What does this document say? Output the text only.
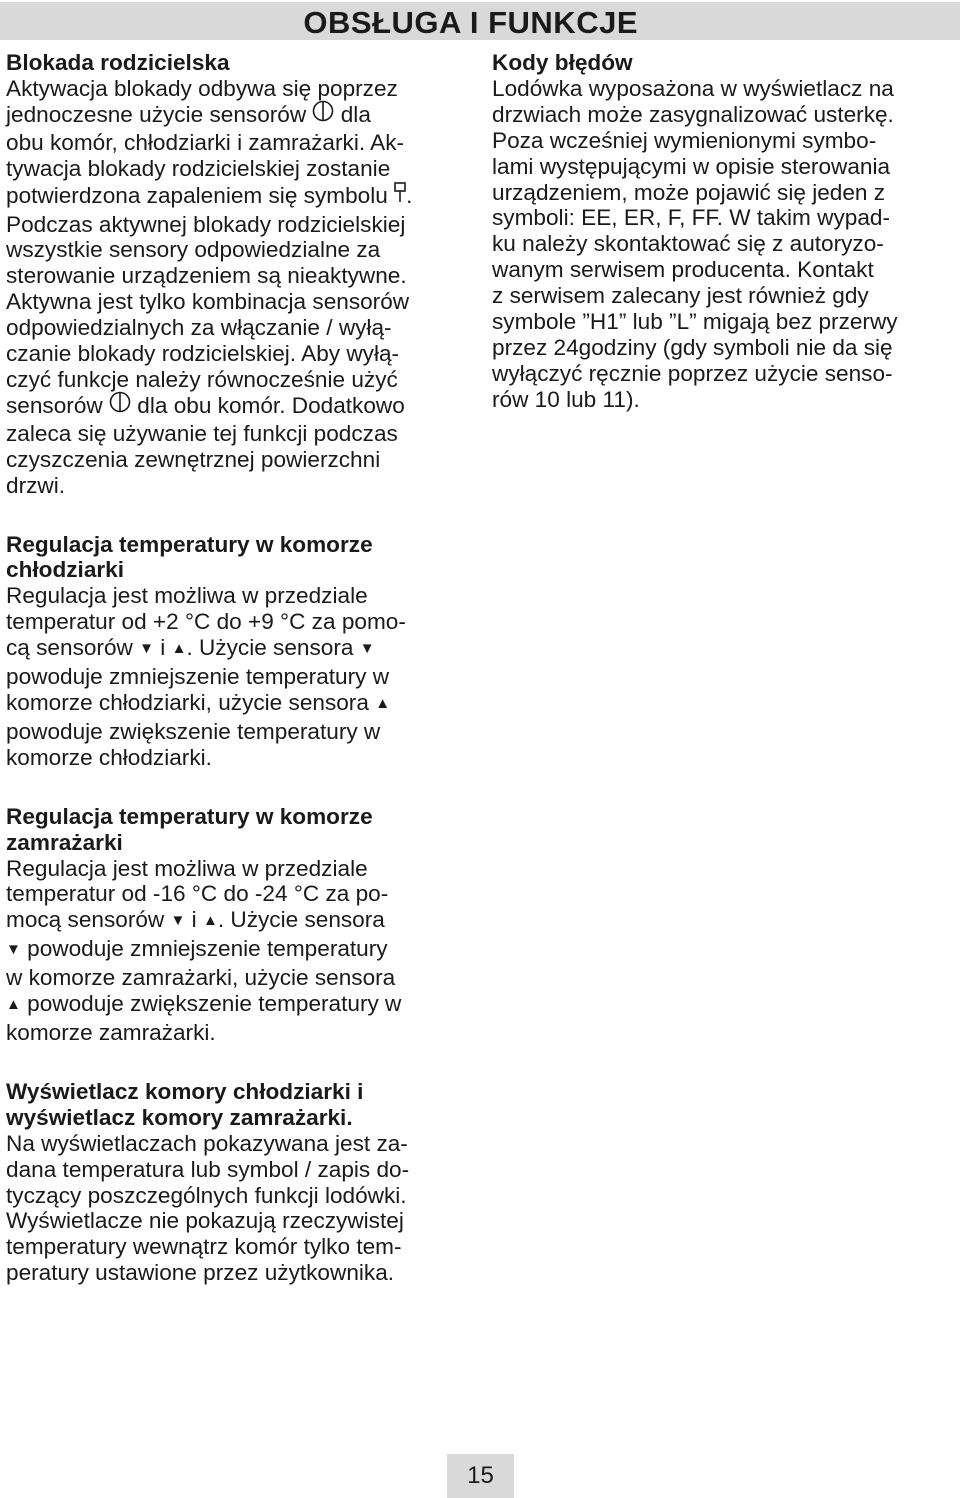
OBSŁUGA I FUNKCJE
Blokada rodzicielska

Aktywacja blokady odbywa się poprzez
jednoczesne użycie sensorów dla
obu komór, chłodziarki i zamrażarki. Ak-
tywacja blokady rodzicielskiej zostanie
potwierdzona zapaleniem się symbolu .
Podczas aktywnej blokady rodzicielskiej
wszystkie sensory odpowiedzialne za
sterowanie urządzeniem są nieaktywne.
Aktywna jest tylko kombinacja sensorów
odpowiedzialnych za włączanie / wyłą-
czanie blokady rodzicielskiej. Aby wyłą-
czyć funkcje należy równocześnie użyć
sensorów dla obu komór. Dodatkowo
zaleca się używanie tej funkcji podczas
czyszczenia zewnętrznej powierzchni
drzwi.

Regulacja temperatury w komorze
chłodziarki

Regulacja jest możliwa w przedziale
temperatur od +2 °C do +9 °C za pomo-
cą sensorów ▼ i ▲. Użycie sensora ▼
powoduje zmniejszenie temperatury w
komorze chłodziarki, użycie sensora ▲
powoduje zwiększenie temperatury w
komorze chłodziarki.

Regulacja temperatury w komorze
zamrażarki

Regulacja jest możliwa w przedziale
temperatur od -16 °C do -24 °C za po-
mocą sensorów ▼ i ▲. Użycie sensora
▼ powoduje zmniejszenie temperatury
w komorze zamrażarki, użycie sensora
▲ powoduje zwiększenie temperatury w
komorze zamrażarki.

Wyświetlacz komory chłodziarki i
wyświetlacz komory zamrażarki.

Na wyświetlaczach pokazywana jest za-
dana temperatura lub symbol / zapis do-
tyczący poszczególnych funkcji lodówki.
Wyświetlacze nie pokazują rzeczywistej
temperatury wewnątrz komór tylko tem-
peratury ustawione przez użytkownika.

Kody błędów

Lodówka wyposażona w wyświetlacz na
drzwiach może zasygnalizować usterkę.
Poza wcześniej wymienionymi symbo-
lami występującymi w opisie sterowania
urządzeniem, może pojawić się jeden z
symboli: EE, ER, F, FF. W takim wypad-
ku należy skontaktować się z autoryzo-
wanym serwisem producenta. Kontakt
z serwisem zalecany jest również gdy
symbole ”H1” lub ”L” migają bez przerwy
przez 24godziny (gdy symboli nie da się
wyłączyć ręcznie poprzez użycie senso-
rów 10 lub 11).

15
